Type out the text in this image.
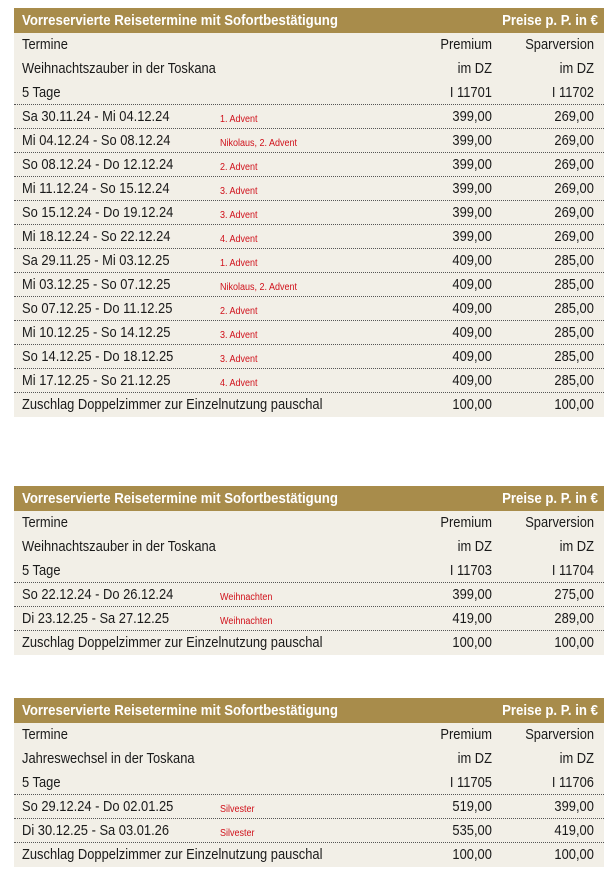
Vorreservierte Reisetermine mit Sofortbestätigung	Preise p. P. in €
Termine	Premium Sparversion
Weihnachtszauber in der Toskana	im DZ	im DZ
5 Tage	I 11701	I 11702
Sa 30.11.24 - Mi 04.12.24	1. Advent	399,00	269,00
Mi 04.12.24 - So 08.12.24	Nikolaus, 2. Advent	399,00	269,00
So 08.12.24 - Do 12.12.24	2. Advent	399,00	269,00
Mi 11.12.24 - So 15.12.24	3. Advent	399,00	269,00
So 15.12.24 - Do 19.12.24	3. Advent	399,00	269,00
Mi 18.12.24 - So 22.12.24	4. Advent	399,00	269,00
Sa 29.11.25 - Mi 03.12.25	1. Advent	409,00	285,00
Mi 03.12.25 - So 07.12.25	Nikolaus, 2. Advent	409,00	285,00
So 07.12.25 - Do 11.12.25	2. Advent	409,00	285,00
Mi 10.12.25 - So 14.12.25	3. Advent	409,00	285,00
So 14.12.25 - Do 18.12.25	3. Advent	409,00	285,00
Mi 17.12.25 - So 21.12.25	4. Advent	409,00	285,00
Zuschlag Doppelzimmer zur Einzelnutzung pauschal	100,00	100,00
Vorreservierte Reisetermine mit Sofortbestätigung	Preise p. P. in €
Termine	Premium Sparversion
Weihnachtszauber in der Toskana	im DZ	im DZ
5 Tage	I 11703	I 11704
So 22.12.24 - Do 26.12.24	Weihnachten	399,00	275,00
Di 23.12.25 - Sa 27.12.25	Weihnachten	419,00	289,00
Zuschlag Doppelzimmer zur Einzelnutzung pauschal	100,00	100,00
Vorreservierte Reisetermine mit Sofortbestätigung	Preise p. P. in €
Termine	Premium Sparversion
Jahreswechsel in der Toskana	im DZ	im DZ
5 Tage	I 11705	I 11706
So 29.12.24 - Do 02.01.25	Silvester	519,00	399,00
Di 30.12.25 - Sa 03.01.26	Silvester	535,00	419,00
Zuschlag Doppelzimmer zur Einzelnutzung pauschal	100,00	100,00
